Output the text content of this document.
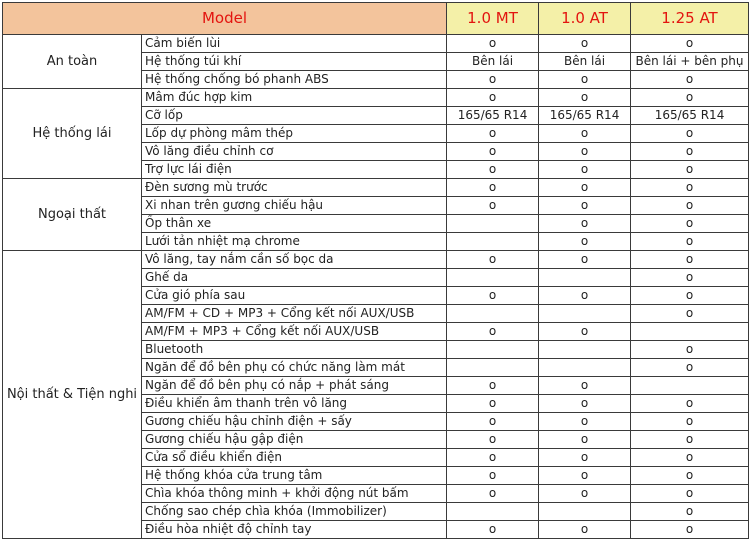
Model		1.0 MT	1.0 AT	1.25 AT
An toàn	Cảm biến lùi	o	o	o
	Hệ thống túi khí	Bên lái	Bên lái	Bên lái + bên phụ
	Hệ thống chống bó phanh ABS	o	o	o
Hệ thống lái	Mâm đúc hợp kim	o	o	o
	Cỡ lốp	165/65 R14	165/65 R14	165/65 R14
	Lốp dự phòng mâm thép	o	o	o
	Vô lăng điều chỉnh cơ	o	o	o
	Trợ lực lái điện	o	o	o
Ngoại thất	Đèn sương mù trước	o	o	o
	Xi nhan trên gương chiếu hậu	o	o	o
	Ốp thân xe		o	o
	Lưới tản nhiệt mạ chrome		o	o
Nội thất & Tiện nghi	Vô lăng, tay nắm cần số bọc da	o	o	o
	Ghế da			o
	Cửa gió phía sau	o	o	o
	AM/FM + CD + MP3 + Cổng kết nối AUX/USB			o
	AM/FM + MP3 + Cổng kết nối AUX/USB	o	o	
	Bluetooth			o
	Ngăn để đồ bên phụ có chức năng làm mát			o
	Ngăn để đồ bên phụ có nắp + phát sáng	o	o	
	Điều khiển âm thanh trên vô lăng	o	o	o
	Gương chiếu hậu chỉnh điện + sấy	o	o	o
	Gương chiếu hậu gập điện	o	o	o
	Cửa sổ điều khiển điện	o	o	o
	Hệ thống khóa cửa trung tâm	o	o	o
	Chìa khóa thông minh + khởi động nút bấm	o	o	o
	Chống sao chép chìa khóa (Immobilizer)			o
	Điều hòa nhiệt độ chỉnh tay	o	o	o
